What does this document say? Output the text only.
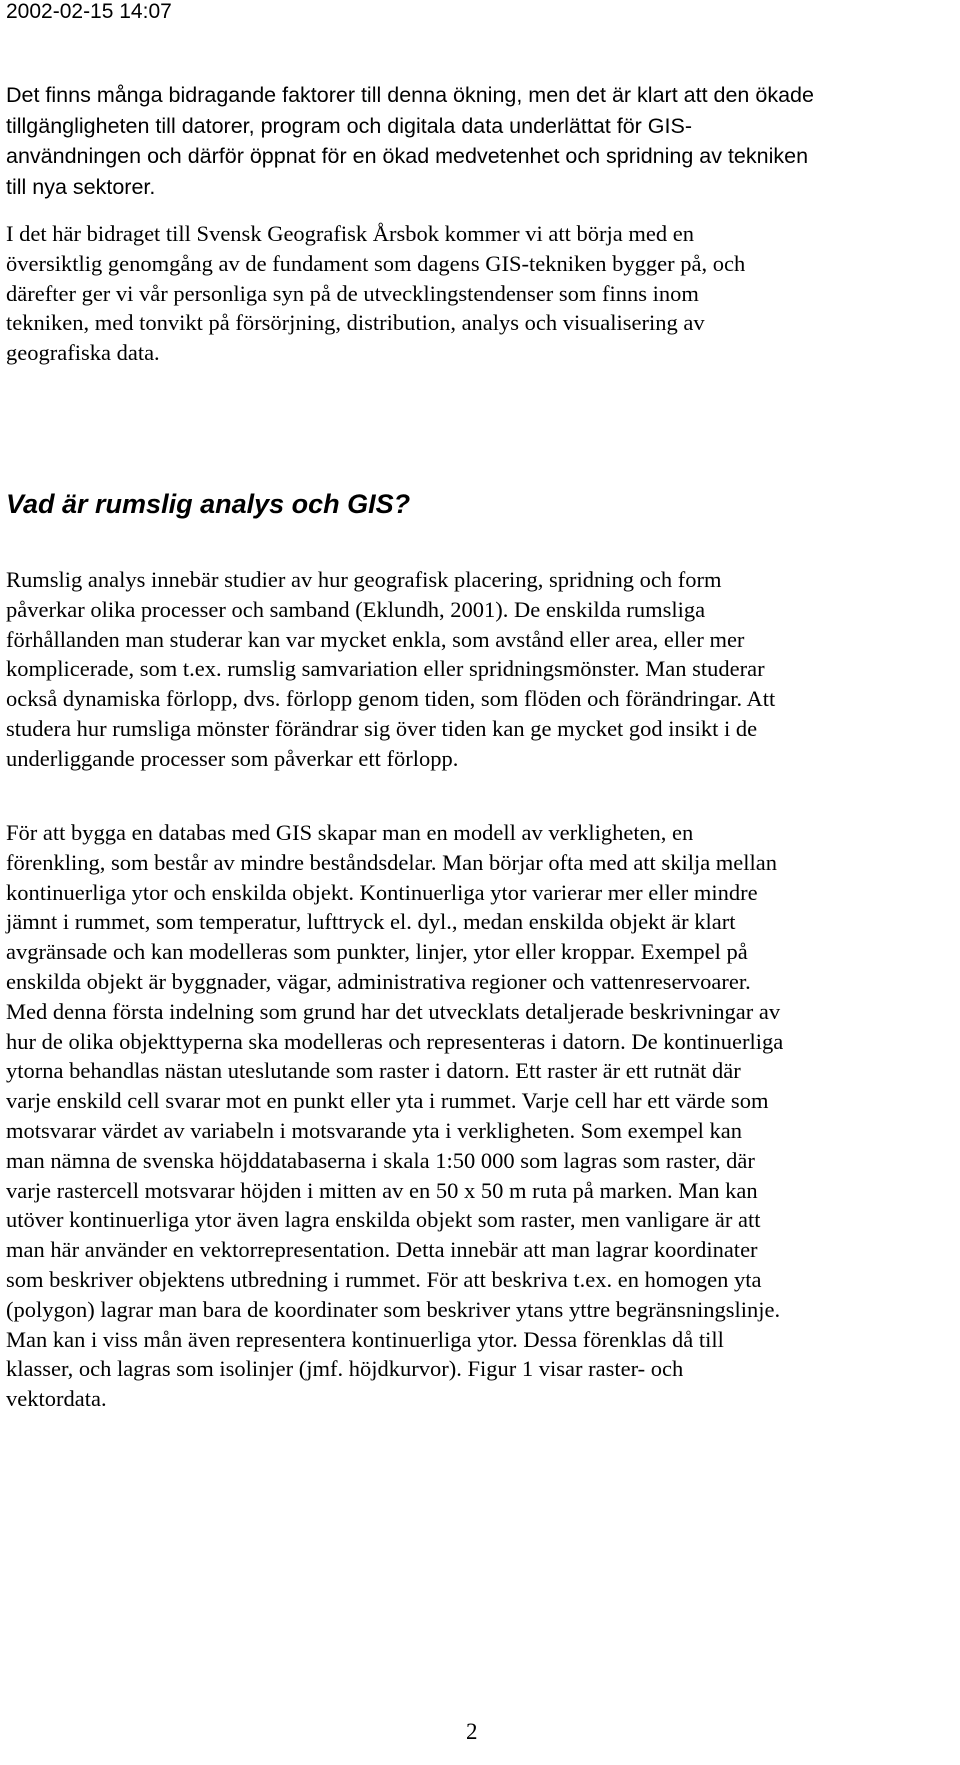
2002-02-15 14:07

Det finns många bidragande faktorer till denna ökning, men det är klart att den ökade
tillgängligheten till datorer, program och digitala data underlättat för GIS-
användningen och därför öppnat för en ökad medvetenhet och spridning av tekniken
till nya sektorer.

I det här bidraget till Svensk Geografisk Årsbok kommer vi att börja med en
översiktlig genomgång av de fundament som dagens GIS-tekniken bygger på, och
därefter ger vi vår personliga syn på de utvecklingstendenser som finns inom
tekniken, med tonvikt på försörjning, distribution, analys och visualisering av
geografiska data.

Vad är rumslig analys och GIS?

Rumslig analys innebär studier av hur geografisk placering, spridning och form
påverkar olika processer och samband (Eklundh, 2001). De enskilda rumsliga
förhållanden man studerar kan var mycket enkla, som avstånd eller area, eller mer
komplicerade, som t.ex. rumslig samvariation eller spridningsmönster. Man studerar
också dynamiska förlopp, dvs. förlopp genom tiden, som flöden och förändringar. Att
studera hur rumsliga mönster förändrar sig över tiden kan ge mycket god insikt i de
underliggande processer som påverkar ett förlopp.

För att bygga en databas med GIS skapar man en modell av verkligheten, en
förenkling, som består av mindre beståndsdelar. Man börjar ofta med att skilja mellan
kontinuerliga ytor och enskilda objekt. Kontinuerliga ytor varierar mer eller mindre
jämnt i rummet, som temperatur, lufttryck el. dyl., medan enskilda objekt är klart
avgränsade och kan modelleras som punkter, linjer, ytor eller kroppar. Exempel på
enskilda objekt är byggnader, vägar, administrativa regioner och vattenreservoarer.
Med denna första indelning som grund har det utvecklats detaljerade beskrivningar av
hur de olika objekttyperna ska modelleras och representeras i datorn. De kontinuerliga
ytorna behandlas nästan uteslutande som raster i datorn. Ett raster är ett rutnät där
varje enskild cell svarar mot en punkt eller yta i rummet. Varje cell har ett värde som
motsvarar värdet av variabeln i motsvarande yta i verkligheten. Som exempel kan
man nämna de svenska höjddatabaserna i skala 1:50 000 som lagras som raster, där
varje rastercell motsvarar höjden i mitten av en 50 x 50 m ruta på marken. Man kan
utöver kontinuerliga ytor även lagra enskilda objekt som raster, men vanligare är att
man här använder en vektorrepresentation. Detta innebär att man lagrar koordinater
som beskriver objektens utbredning i rummet. För att beskriva t.ex. en homogen yta
(polygon) lagrar man bara de koordinater som beskriver ytans yttre begränsningslinje.
Man kan i viss mån även representera kontinuerliga ytor. Dessa förenklas då till
klasser, och lagras som isolinjer (jmf. höjdkurvor). Figur 1 visar raster- och
vektordata.

2
